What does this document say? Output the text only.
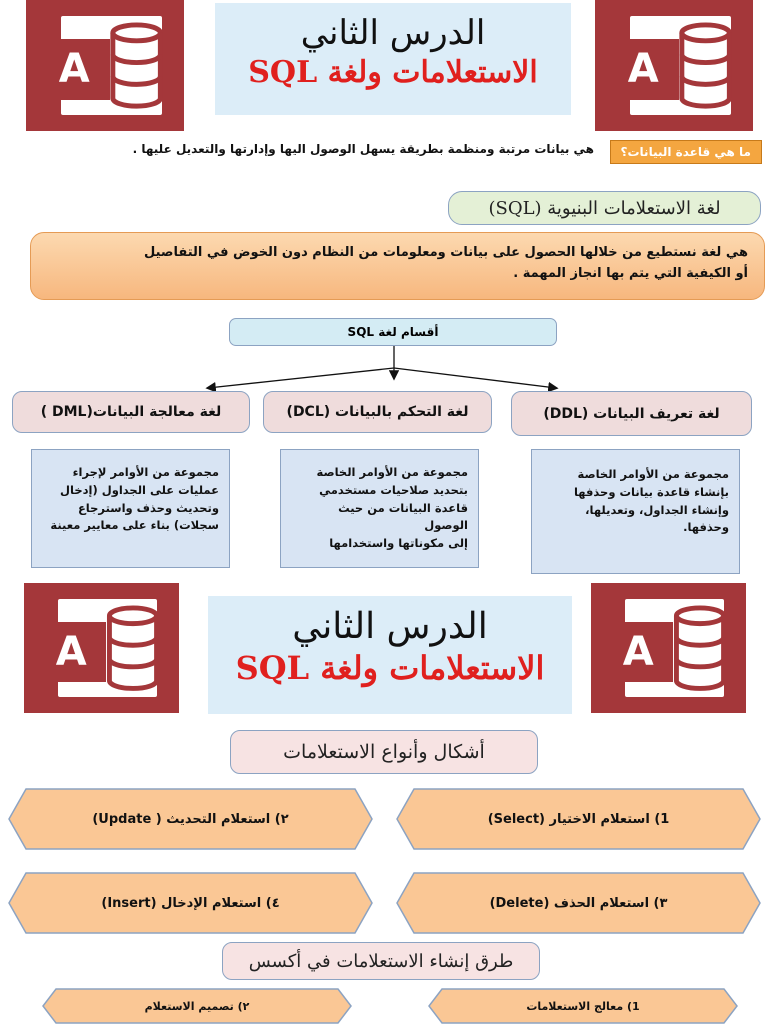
A	A
الدرس الثاني
الاستعلامات ولغة SQL
ما هي قاعدة البيانات؟
هي بيانات مرتبة ومنظمة بطريقة يسهل الوصول اليها وإدارتها والتعديل عليها .
لغة الاستعلامات البنيوية (SQL)
هي لغة نستطيع من خلالها الحصول على بيانات ومعلومات من النظام دون الخوض في التفاصيل
أو الكيفية التي يتم بها انجاز المهمة .
أقسام لغة SQL
لغة معالجة البيانات(DML )	لغة التحكم بالبيانات (DCL)	لغة تعريف البيانات (DDL)
مجموعة من الأوامر لإجراء
عمليات على الجداول (إدخال
وتحديث وحذف واسترجاع
سجلات) بناء على معايير معينة
مجموعة من الأوامر الخاصة
بتحديد صلاحيات مستخدمي
قاعدة البيانات من حيث الوصول
إلى مكوناتها واستخدامها
مجموعة من الأوامر الخاصة
بإنشاء قاعدة بيانات وحذفها
وإنشاء الجداول، وتعديلها،
وحذفها.
A	A
الدرس الثاني
الاستعلامات ولغة SQL
أشكال وأنواع الاستعلامات
1) استعلام الاختيار (Select)
٢) استعلام التحديث ( Update)
٣) استعلام الحذف (Delete)
٤) استعلام الإدخال (Insert)
طرق إنشاء الاستعلامات في أكسس
1) معالج الاستعلامات
٢) تصميم الاستعلام
